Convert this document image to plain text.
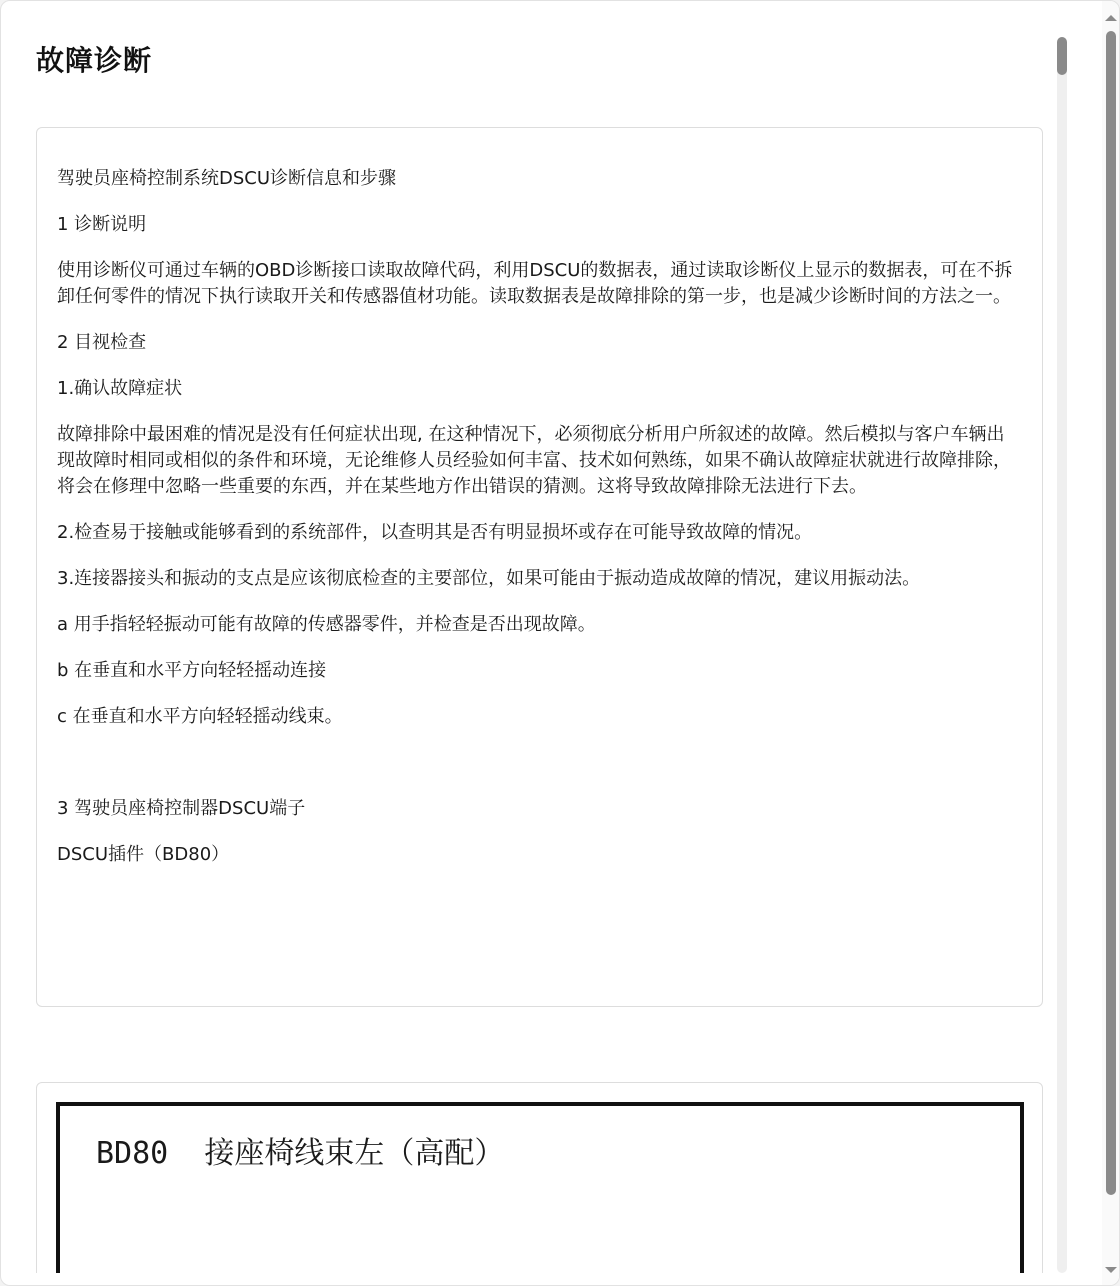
故障诊断

驾驶员座椅控制系统DSCU诊断信息和步骤

1 诊断说明

使用诊断仪可通过车辆的OBD诊断接口读取故障代码，利用DSCU的数据表，通过读取诊断仪上显示的数据表，可在不拆卸任何零件的情况下执行读取开关和传感器值材功能。读取数据表是故障排除的第一步，也是减少诊断时间的方法之一。

2 目视检查

1.确认故障症状

故障排除中最困难的情况是没有任何症状出现, 在这种情况下，必须彻底分析用户所叙述的故障。然后模拟与客户车辆出现故障时相同或相似的条件和环境，无论维修人员经验如何丰富、技术如何熟练，如果不确认故障症状就进行故障排除，将会在修理中忽略一些重要的东西，并在某些地方作出错误的猜测。这将导致故障排除无法进行下去。

2.检查易于接触或能够看到的系统部件，以查明其是否有明显损坏或存在可能导致故障的情况。

3.连接器接头和振动的支点是应该彻底检查的主要部位，如果可能由于振动造成故障的情况，建议用振动法。

a 用手指轻轻振动可能有故障的传感器零件，并检查是否出现故障。

b 在垂直和水平方向轻轻摇动连接

c 在垂直和水平方向轻轻摇动线束。

3 驾驶员座椅控制器DSCU端子

DSCU插件（BD80）

BD80  接座椅线束左（高配）
